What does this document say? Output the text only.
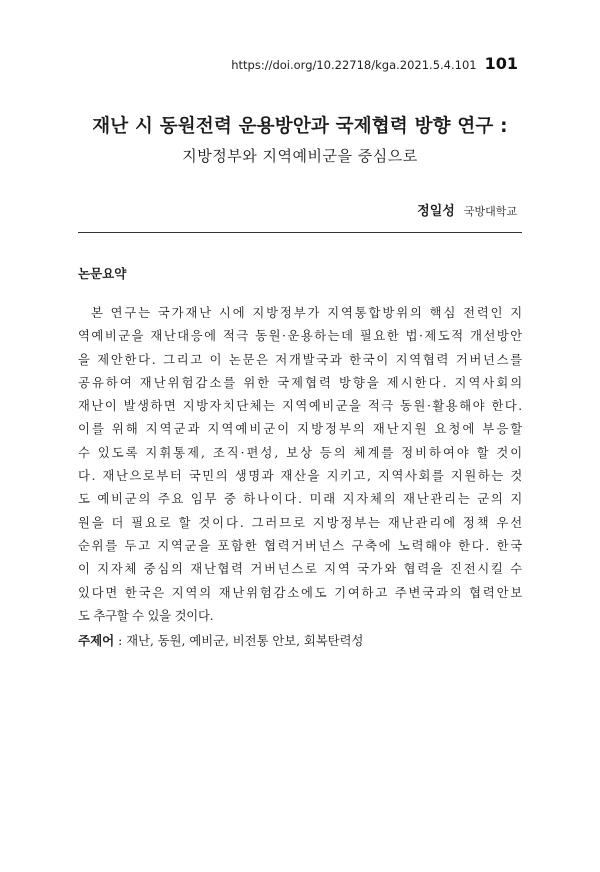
https://doi.org/10.22718/kga.2021.5.4.101 101
재난 시 동원전력 운용방안과 국제협력 방향 연구 :
지방정부와 지역예비군을 중심으로
정일성 국방대학교
논문요약
본 연구는 국가재난 시에 지방정부가 지역통합방위의 핵심 전력인 지
역예비군을 재난대응에 적극 동원·운용하는데 필요한 법·제도적 개선방안
을 제안한다. 그리고 이 논문은 저개발국과 한국이 지역협력 거버넌스를
공유하여 재난위험감소를 위한 국제협력 방향을 제시한다. 지역사회의
재난이 발생하면 지방자치단체는 지역예비군을 적극 동원·활용해야 한다.
이를 위해 지역군과 지역예비군이 지방정부의 재난지원 요청에 부응할
수 있도록 지휘통제, 조직·편성, 보상 등의 체계를 정비하여야 할 것이
다. 재난으로부터 국민의 생명과 재산을 지키고, 지역사회를 지원하는 것
도 예비군의 주요 임무 중 하나이다. 미래 지자체의 재난관리는 군의 지
원을 더 필요로 할 것이다. 그러므로 지방정부는 재난관리에 정책 우선
순위를 두고 지역군을 포함한 협력거버넌스 구축에 노력해야 한다. 한국
이 지자체 중심의 재난협력 거버넌스로 지역 국가와 협력을 진전시킬 수
있다면 한국은 지역의 재난위험감소에도 기여하고 주변국과의 협력안보
도 추구할 수 있을 것이다.
주제어 : 재난, 동원, 예비군, 비전통 안보, 회복탄력성
